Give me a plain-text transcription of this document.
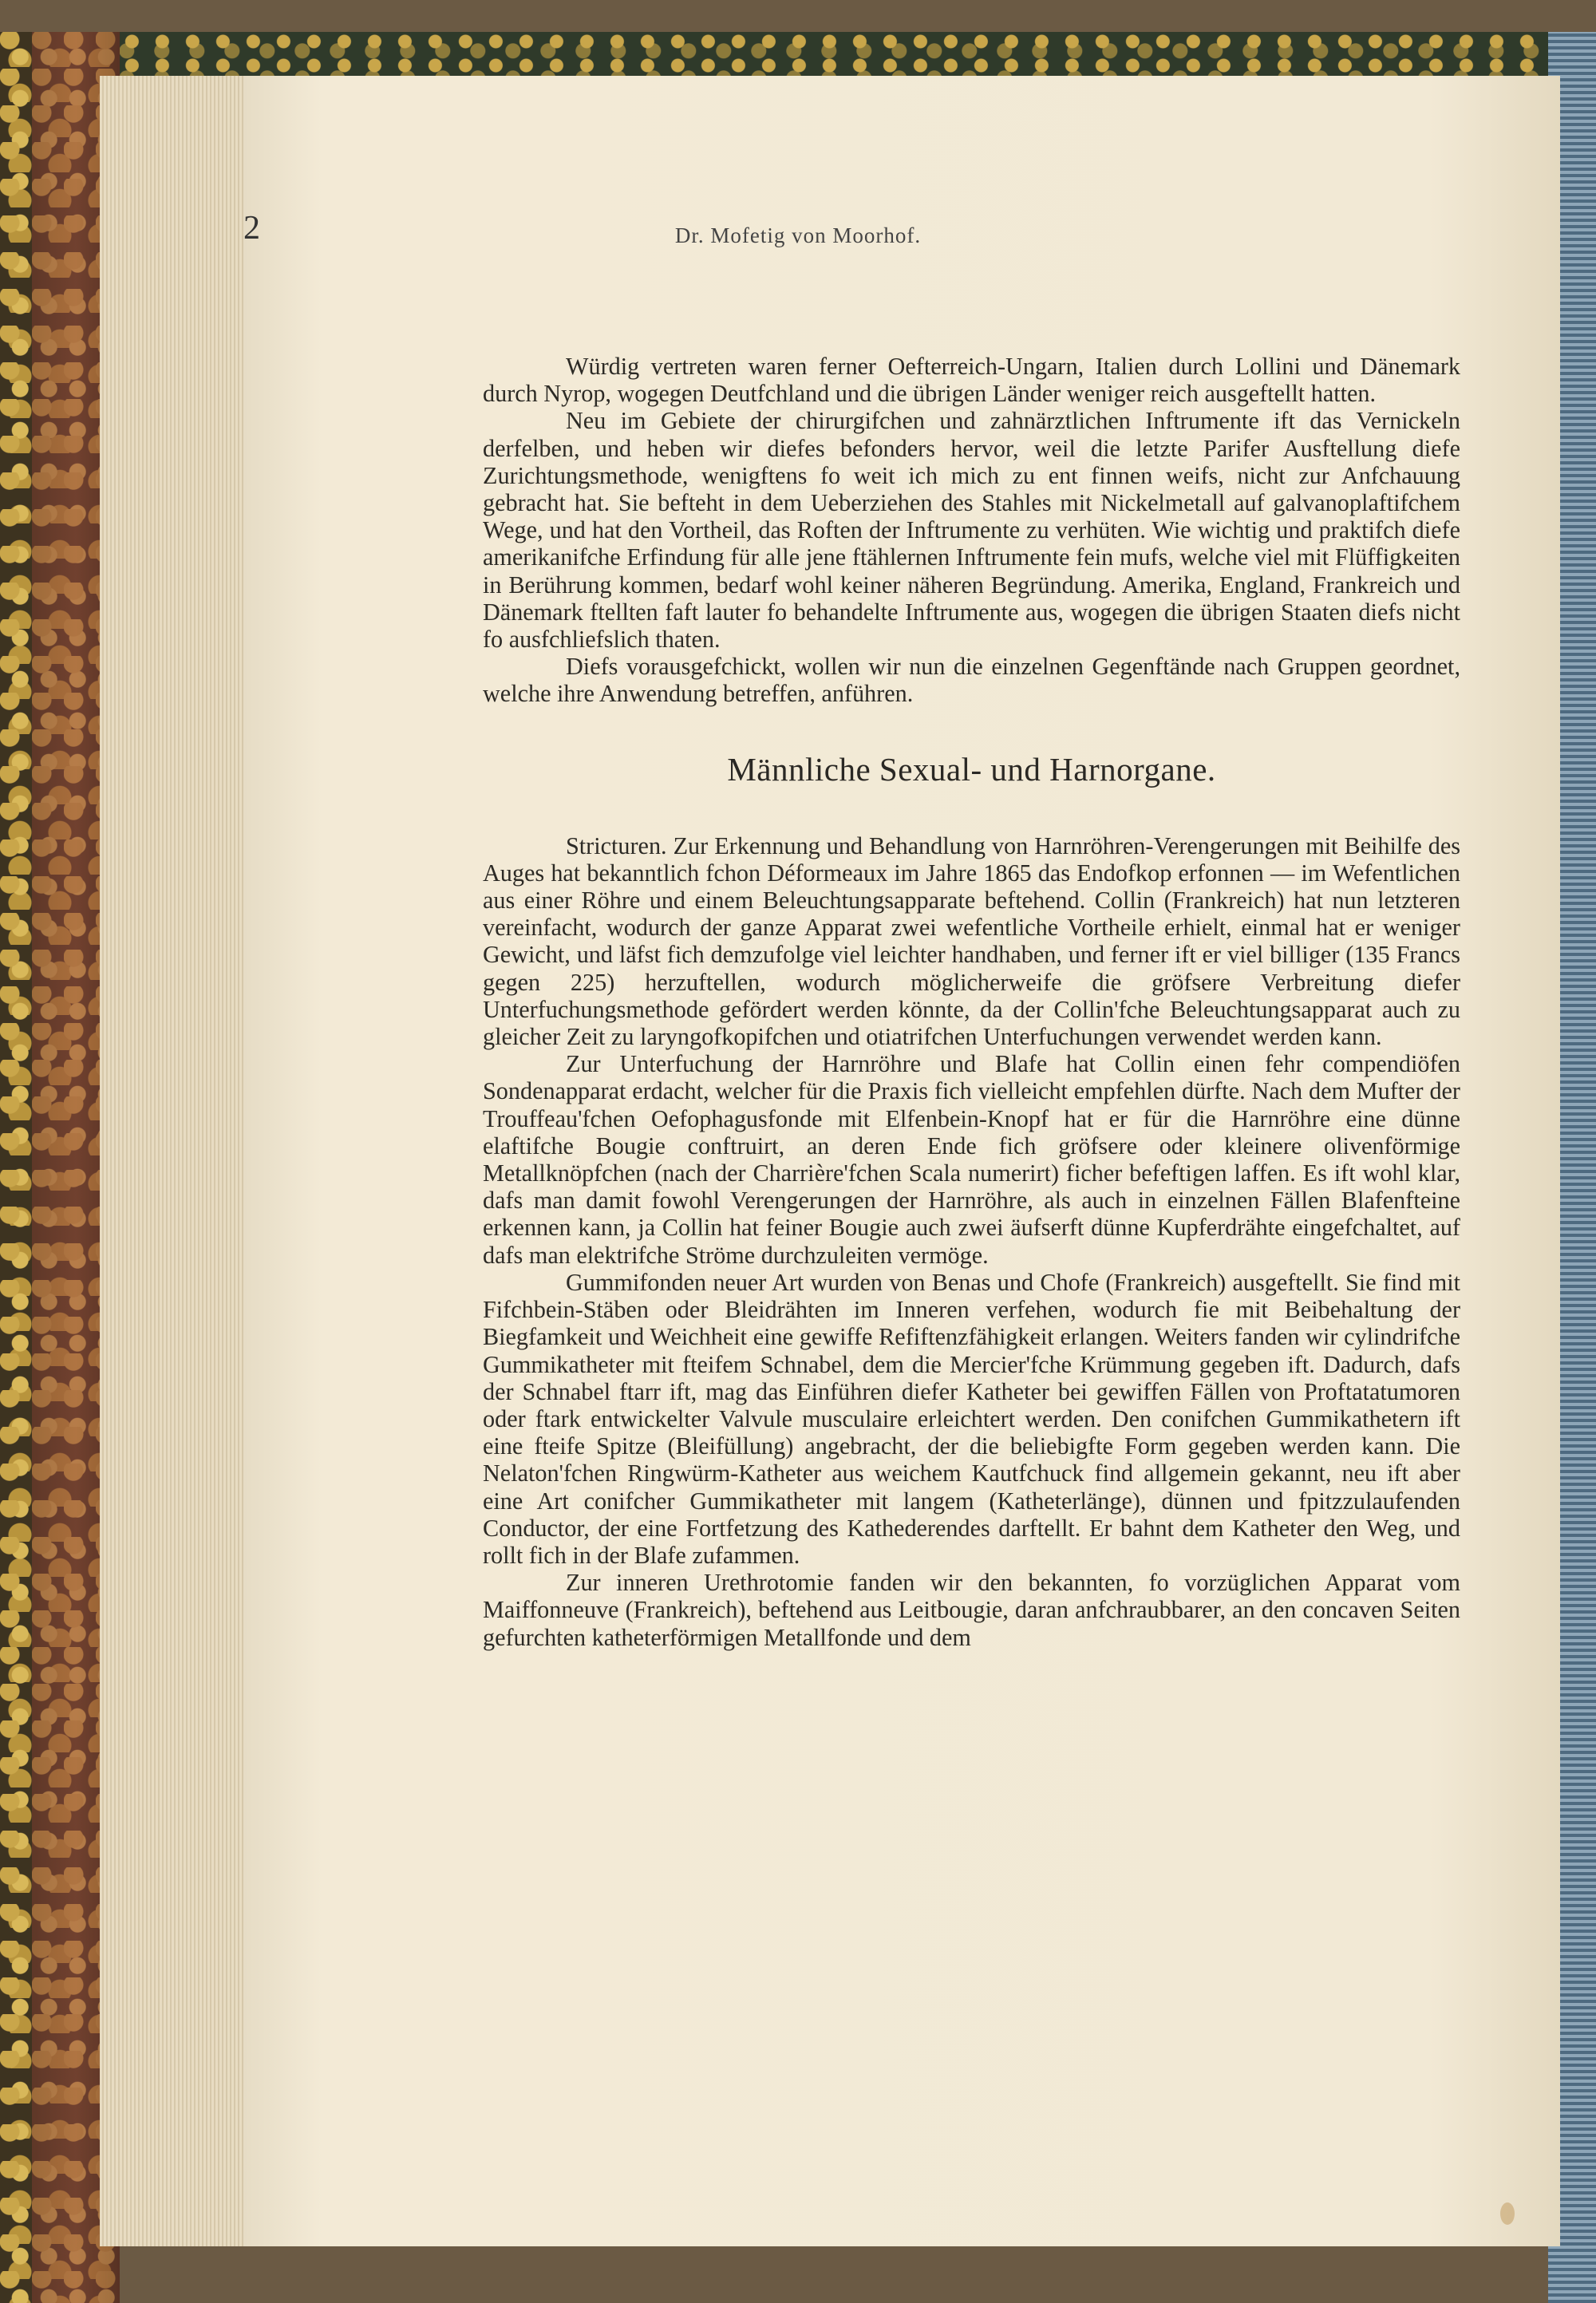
2	Dr. Mofetig von Moorhof.

Würdig vertreten waren ferner Oefterreich-Ungarn, Italien durch Lollini und Dänemark durch Nyrop, wogegen Deutfchland und die übrigen Länder weniger reich ausgeftellt hatten.

Neu im Gebiete der chirurgifchen und zahnärztlichen Inftrumente ift das Vernickeln derfelben, und heben wir diefes befonders hervor, weil die letzte Parifer Ausftellung diefe Zurichtungsmethode, wenigftens fo weit ich mich zu ent finnen weifs, nicht zur Anfchauung gebracht hat. Sie befteht in dem Ueberziehen des Stahles mit Nickelmetall auf galvanoplaftifchem Wege, und hat den Vortheil, das Roften der Inftrumente zu verhüten. Wie wichtig und praktifch diefe amerikanifche Erfindung für alle jene ftählernen Inftrumente fein mufs, welche viel mit Flüffigkeiten in Berührung kommen, bedarf wohl keiner näheren Begründung. Amerika, England, Frankreich und Dänemark ftellten faft lauter fo behandelte Inftrumente aus, wogegen die übrigen Staaten diefs nicht fo ausfchliefslich thaten.

Diefs vorausgefchickt, wollen wir nun die einzelnen Gegenftände nach Gruppen geordnet, welche ihre Anwendung betreffen, anführen.

Männliche Sexual- und Harnorgane.

Stricturen. Zur Erkennung und Behandlung von Harnröhren-Verengerungen mit Beihilfe des Auges hat bekanntlich fchon Déformeaux im Jahre 1865 das Endofkop erfonnen — im Wefentlichen aus einer Röhre und einem Beleuchtungsapparate beftehend. Collin (Frankreich) hat nun letzteren vereinfacht, wodurch der ganze Apparat zwei wefentliche Vortheile erhielt, einmal hat er weniger Gewicht, und läfst fich demzufolge viel leichter handhaben, und ferner ift er viel billiger (135 Francs gegen 225) herzuftellen, wodurch möglicherweife die gröfsere Verbreitung diefer Unterfuchungsmethode gefördert werden könnte, da der Collin'fche Beleuchtungsapparat auch zu gleicher Zeit zu laryngofkopifchen und otiatrifchen Unterfuchungen verwendet werden kann.

Zur Unterfuchung der Harnröhre und Blafe hat Collin einen fehr compendiöfen Sondenapparat erdacht, welcher für die Praxis fich vielleicht empfehlen dürfte. Nach dem Mufter der Trouffeau'fchen Oefophagusfonde mit Elfenbein-Knopf hat er für die Harnröhre eine dünne elaftifche Bougie conftruirt, an deren Ende fich gröfsere oder kleinere olivenförmige Metallknöpfchen (nach der Charrière'fchen Scala numerirt) ficher befeftigen laffen. Es ift wohl klar, dafs man damit fowohl Verengerungen der Harnröhre, als auch in einzelnen Fällen Blafenfteine erkennen kann, ja Collin hat feiner Bougie auch zwei äufserft dünne Kupferdrähte eingefchaltet, auf dafs man elektrifche Ströme durchzuleiten vermöge.

Gummifonden neuer Art wurden von Benas und Chofe (Frankreich) ausgeftellt. Sie find mit Fifchbein-Stäben oder Bleidrähten im Inneren verfehen, wodurch fie mit Beibehaltung der Biegfamkeit und Weichheit eine gewiffe Refiftenzfähigkeit erlangen. Weiters fanden wir cylindrifche Gummikatheter mit fteifem Schnabel, dem die Mercier'fche Krümmung gegeben ift. Dadurch, dafs der Schnabel ftarr ift, mag das Einführen diefer Katheter bei gewiffen Fällen von Proftatatumoren oder ftark entwickelter Valvule musculaire erleichtert werden. Den conifchen Gummikathetern ift eine fteife Spitze (Bleifüllung) angebracht, der die beliebigfte Form gegeben werden kann. Die Nelaton'fchen Ringwürm-Katheter aus weichem Kautfchuck find allgemein gekannt, neu ift aber eine Art conifcher Gummikatheter mit langem (Katheterlänge), dünnen und fpitzzulaufenden Conductor, der eine Fortfetzung des Kathederendes darftellt. Er bahnt dem Katheter den Weg, und rollt fich in der Blafe zufammen.

Zur inneren Urethrotomie fanden wir den bekannten, fo vorzüglichen Apparat vom Maiffonneuve (Frankreich), beftehend aus Leitbougie, daran anfchraubbarer, an den concaven Seiten gefurchten katheterförmigen Metallfonde und dem
